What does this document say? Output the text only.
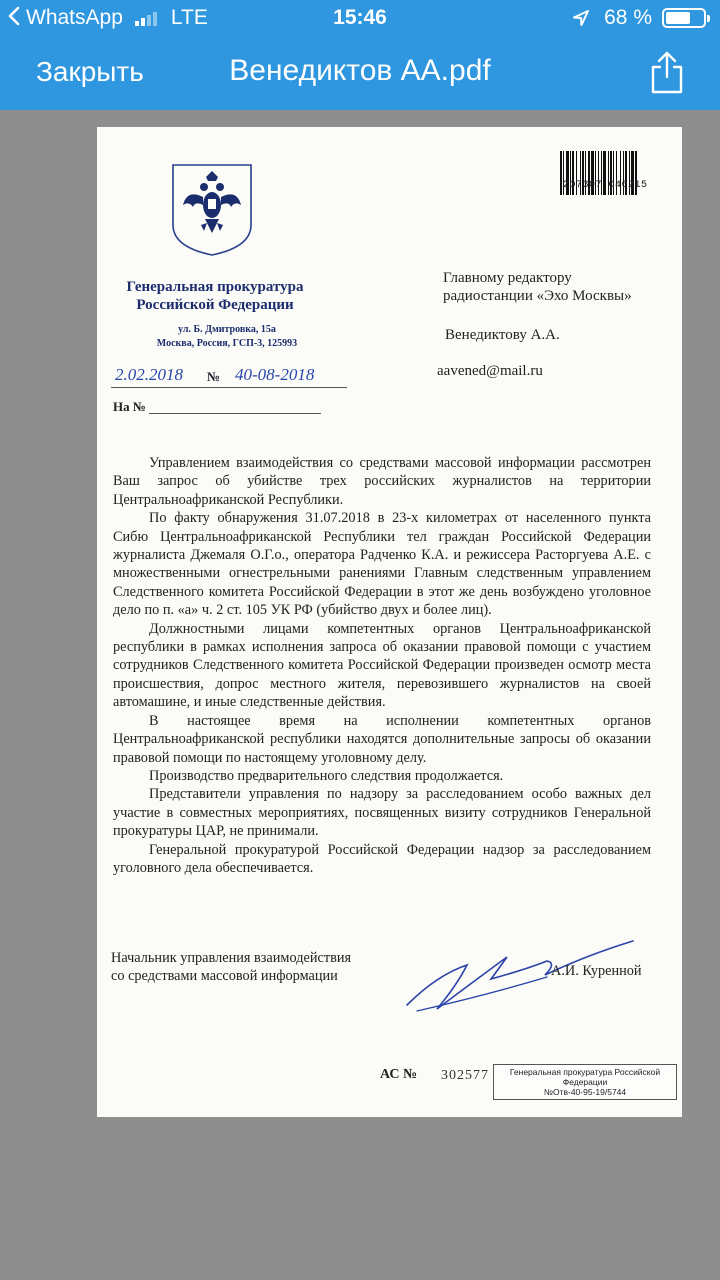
WhatsApp LTE	15:46	68 %
Закрыть	Венедиктов АА.pdf
Генеральная прокуратура
Российской Федерации
ул. Б. Дмитровка, 15а
Москва, Россия, ГСП-3, 125993
2.02.2018 № 40-08-2018
На №
207307 046215
Главному редактору
радиостанции «Эхо Москвы»
Венедиктову А.А.
aavened@mail.ru

Управлением взаимодействия со средствами массовой информации рассмотрен Ваш запрос об убийстве трех российских журналистов на территории Центральноафриканской Республики.

По факту обнаружения 31.07.2018 в 23-х километрах от населенного пункта Сибю Центральноафриканской Республики тел граждан Российской Федерации журналиста Джемаля О.Г.о., оператора Радченко К.А. и режиссера Расторгуева А.Е. с множественными огнестрельными ранениями Главным следственным управлением Следственного комитета Российской Федерации в этот же день возбуждено уголовное дело по п. «а» ч. 2 ст. 105 УК РФ (убийство двух и более лиц).

Должностными лицами компетентных органов Центральноафриканской республики в рамках исполнения запроса об оказании правовой помощи с участием сотрудников Следственного комитета Российской Федерации произведен осмотр места происшествия, допрос местного жителя, перевозившего журналистов на своей автомашине, и иные следственные действия.

В настоящее время на исполнении компетентных органов Центральноафриканской республики находятся дополнительные запросы об оказании правовой помощи по настоящему уголовному делу.

Производство предварительного следствия продолжается.

Представители управления по надзору за расследованием особо важных дел участие в совместных мероприятиях, посвященных визиту сотрудников Генеральной прокуратуры ЦАР, не принимали.

Генеральной прокуратурой Российской Федерации надзор за расследованием уголовного дела обеспечивается.

Начальник управления взаимодействия
со средствами массовой информации	А.И. Куренной
АС № 302577	Генеральная прокуратура Российской
Федерации
№Отв-40-95-19/5744
